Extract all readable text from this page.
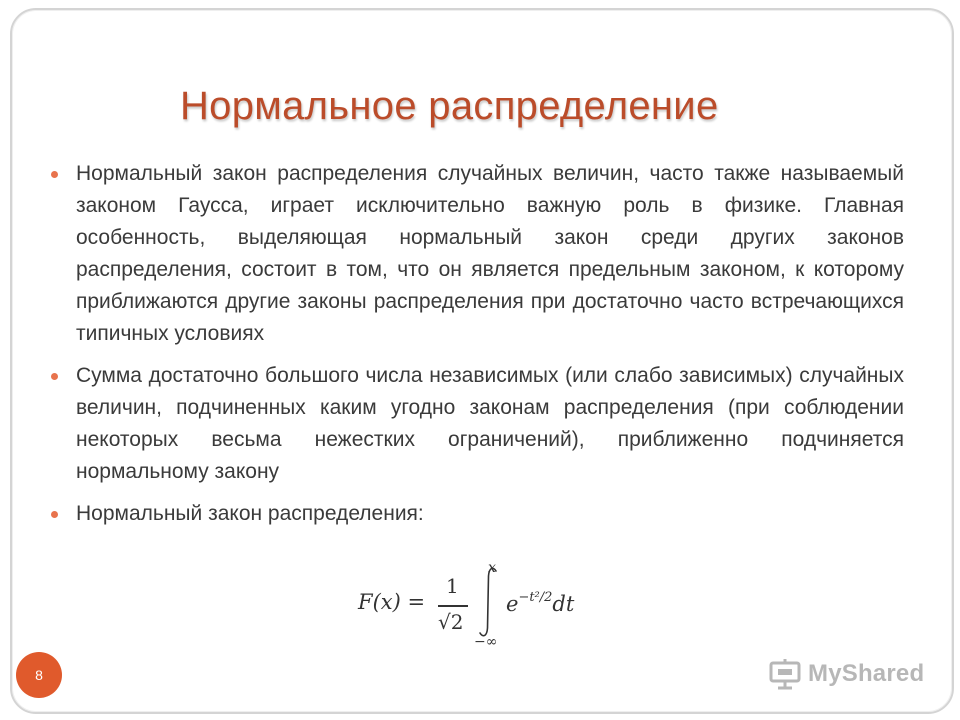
Нормальное распределение
Нормальный закон распределения случайных величин, часто также называемый законом Гаусса, играет исключительно важную роль в физике. Главная особенность, выделяющая нормальный закон среди других законов распределения, состоит в том, что он является предельным законом, к которому приближаются другие законы распределения при достаточно часто встречающихся типичных условиях
Сумма достаточно большого числа независимых (или слабо зависимых) случайных величин, подчиненных каким угодно законам распределения (при соблюдении некоторых весьма нежестких ограничений), приближенно подчиняется нормальному закону
Нормальный закон распределения:
F(x) =
1
√2
x
−∞
$e^{-t^2/2}dt$
8	MyShared
